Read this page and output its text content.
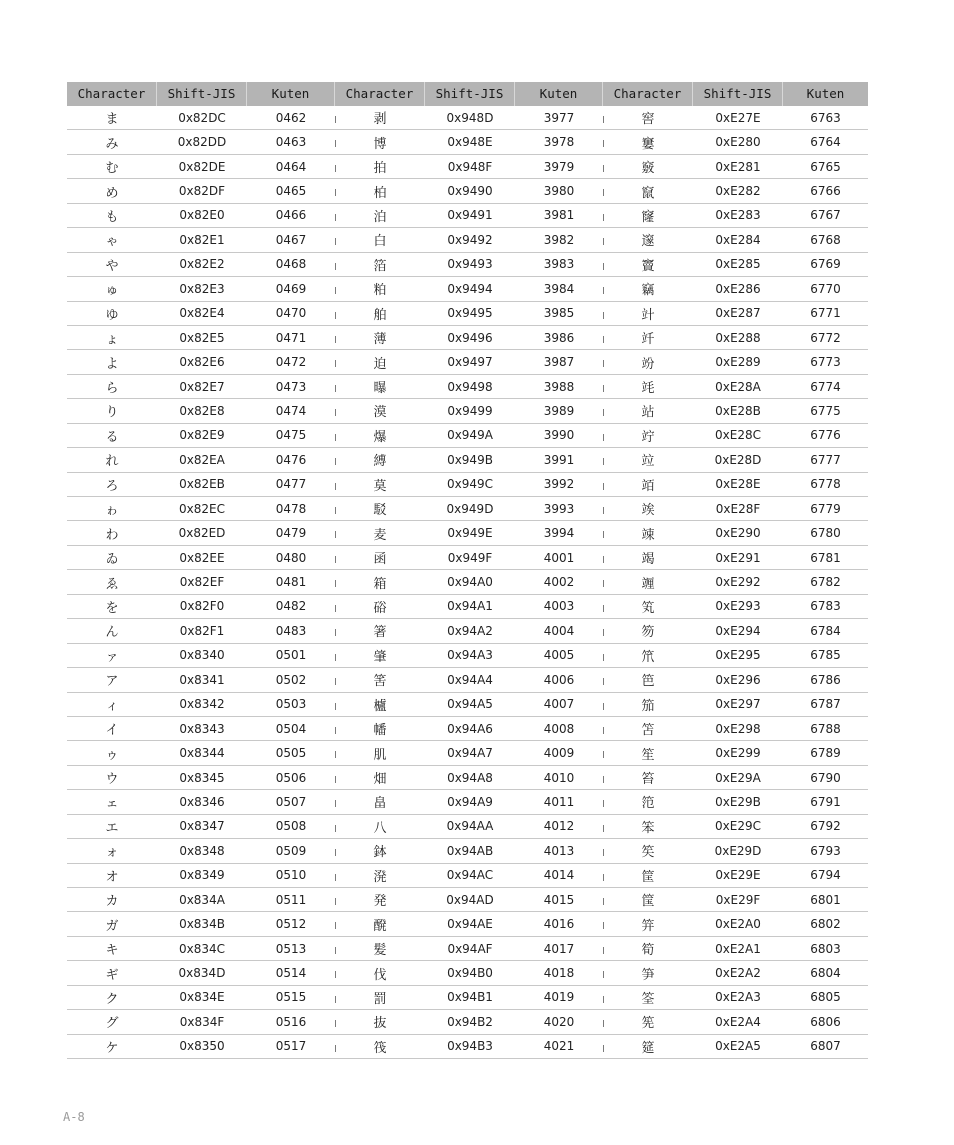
Character	Shift-JIS	Kuten	Character	Shift-JIS	Kuten	Character	Shift-JIS	Kuten
ま	0x82DC	0462	剥	0x948D	3977	窖	0xE27E	6763
み	0x82DD	0463	博	0x948E	3978	窶	0xE280	6764
む	0x82DE	0464	拍	0x948F	3979	竅	0xE281	6765
め	0x82DF	0465	柏	0x9490	3980	竄	0xE282	6766
も	0x82E0	0466	泊	0x9491	3981	窿	0xE283	6767
ゃ	0x82E1	0467	白	0x9492	3982	邃	0xE284	6768
や	0x82E2	0468	箔	0x9493	3983	竇	0xE285	6769
ゅ	0x82E3	0469	粕	0x9494	3984	竊	0xE286	6770
ゆ	0x82E4	0470	舶	0x9495	3985	竍	0xE287	6771
ょ	0x82E5	0471	薄	0x9496	3986	竏	0xE288	6772
よ	0x82E6	0472	迫	0x9497	3987	竕	0xE289	6773
ら	0x82E7	0473	曝	0x9498	3988	竓	0xE28A	6774
り	0x82E8	0474	漠	0x9499	3989	站	0xE28B	6775
る	0x82E9	0475	爆	0x949A	3990	竚	0xE28C	6776
れ	0x82EA	0476	縛	0x949B	3991	竝	0xE28D	6777
ろ	0x82EB	0477	莫	0x949C	3992	竡	0xE28E	6778
ゎ	0x82EC	0478	駁	0x949D	3993	竢	0xE28F	6779
わ	0x82ED	0479	麦	0x949E	3994	竦	0xE290	6780
ゐ	0x82EE	0480	函	0x949F	4001	竭	0xE291	6781
ゑ	0x82EF	0481	箱	0x94A0	4002	竰	0xE292	6782
を	0x82F0	0482	硲	0x94A1	4003	笂	0xE293	6783
ん	0x82F1	0483	箸	0x94A2	4004	笏	0xE294	6784
ァ	0x8340	0501	肇	0x94A3	4005	笊	0xE295	6785
ア	0x8341	0502	筈	0x94A4	4006	笆	0xE296	6786
ィ	0x8342	0503	櫨	0x94A5	4007	笳	0xE297	6787
イ	0x8343	0504	幡	0x94A6	4008	笘	0xE298	6788
ゥ	0x8344	0505	肌	0x94A7	4009	笙	0xE299	6789
ウ	0x8345	0506	畑	0x94A8	4010	笞	0xE29A	6790
ェ	0x8346	0507	畠	0x94A9	4011	笵	0xE29B	6791
エ	0x8347	0508	八	0x94AA	4012	笨	0xE29C	6792
ォ	0x8348	0509	鉢	0x94AB	4013	笶	0xE29D	6793
オ	0x8349	0510	溌	0x94AC	4014	筐	0xE29E	6794
カ	0x834A	0511	発	0x94AD	4015	筺	0xE29F	6801
ガ	0x834B	0512	醗	0x94AE	4016	笄	0xE2A0	6802
キ	0x834C	0513	髪	0x94AF	4017	筍	0xE2A1	6803
ギ	0x834D	0514	伐	0x94B0	4018	笋	0xE2A2	6804
ク	0x834E	0515	罰	0x94B1	4019	筌	0xE2A3	6805
グ	0x834F	0516	抜	0x94B2	4020	筅	0xE2A4	6806
ケ	0x8350	0517	筏	0x94B3	4021	筵	0xE2A5	6807
A-8
